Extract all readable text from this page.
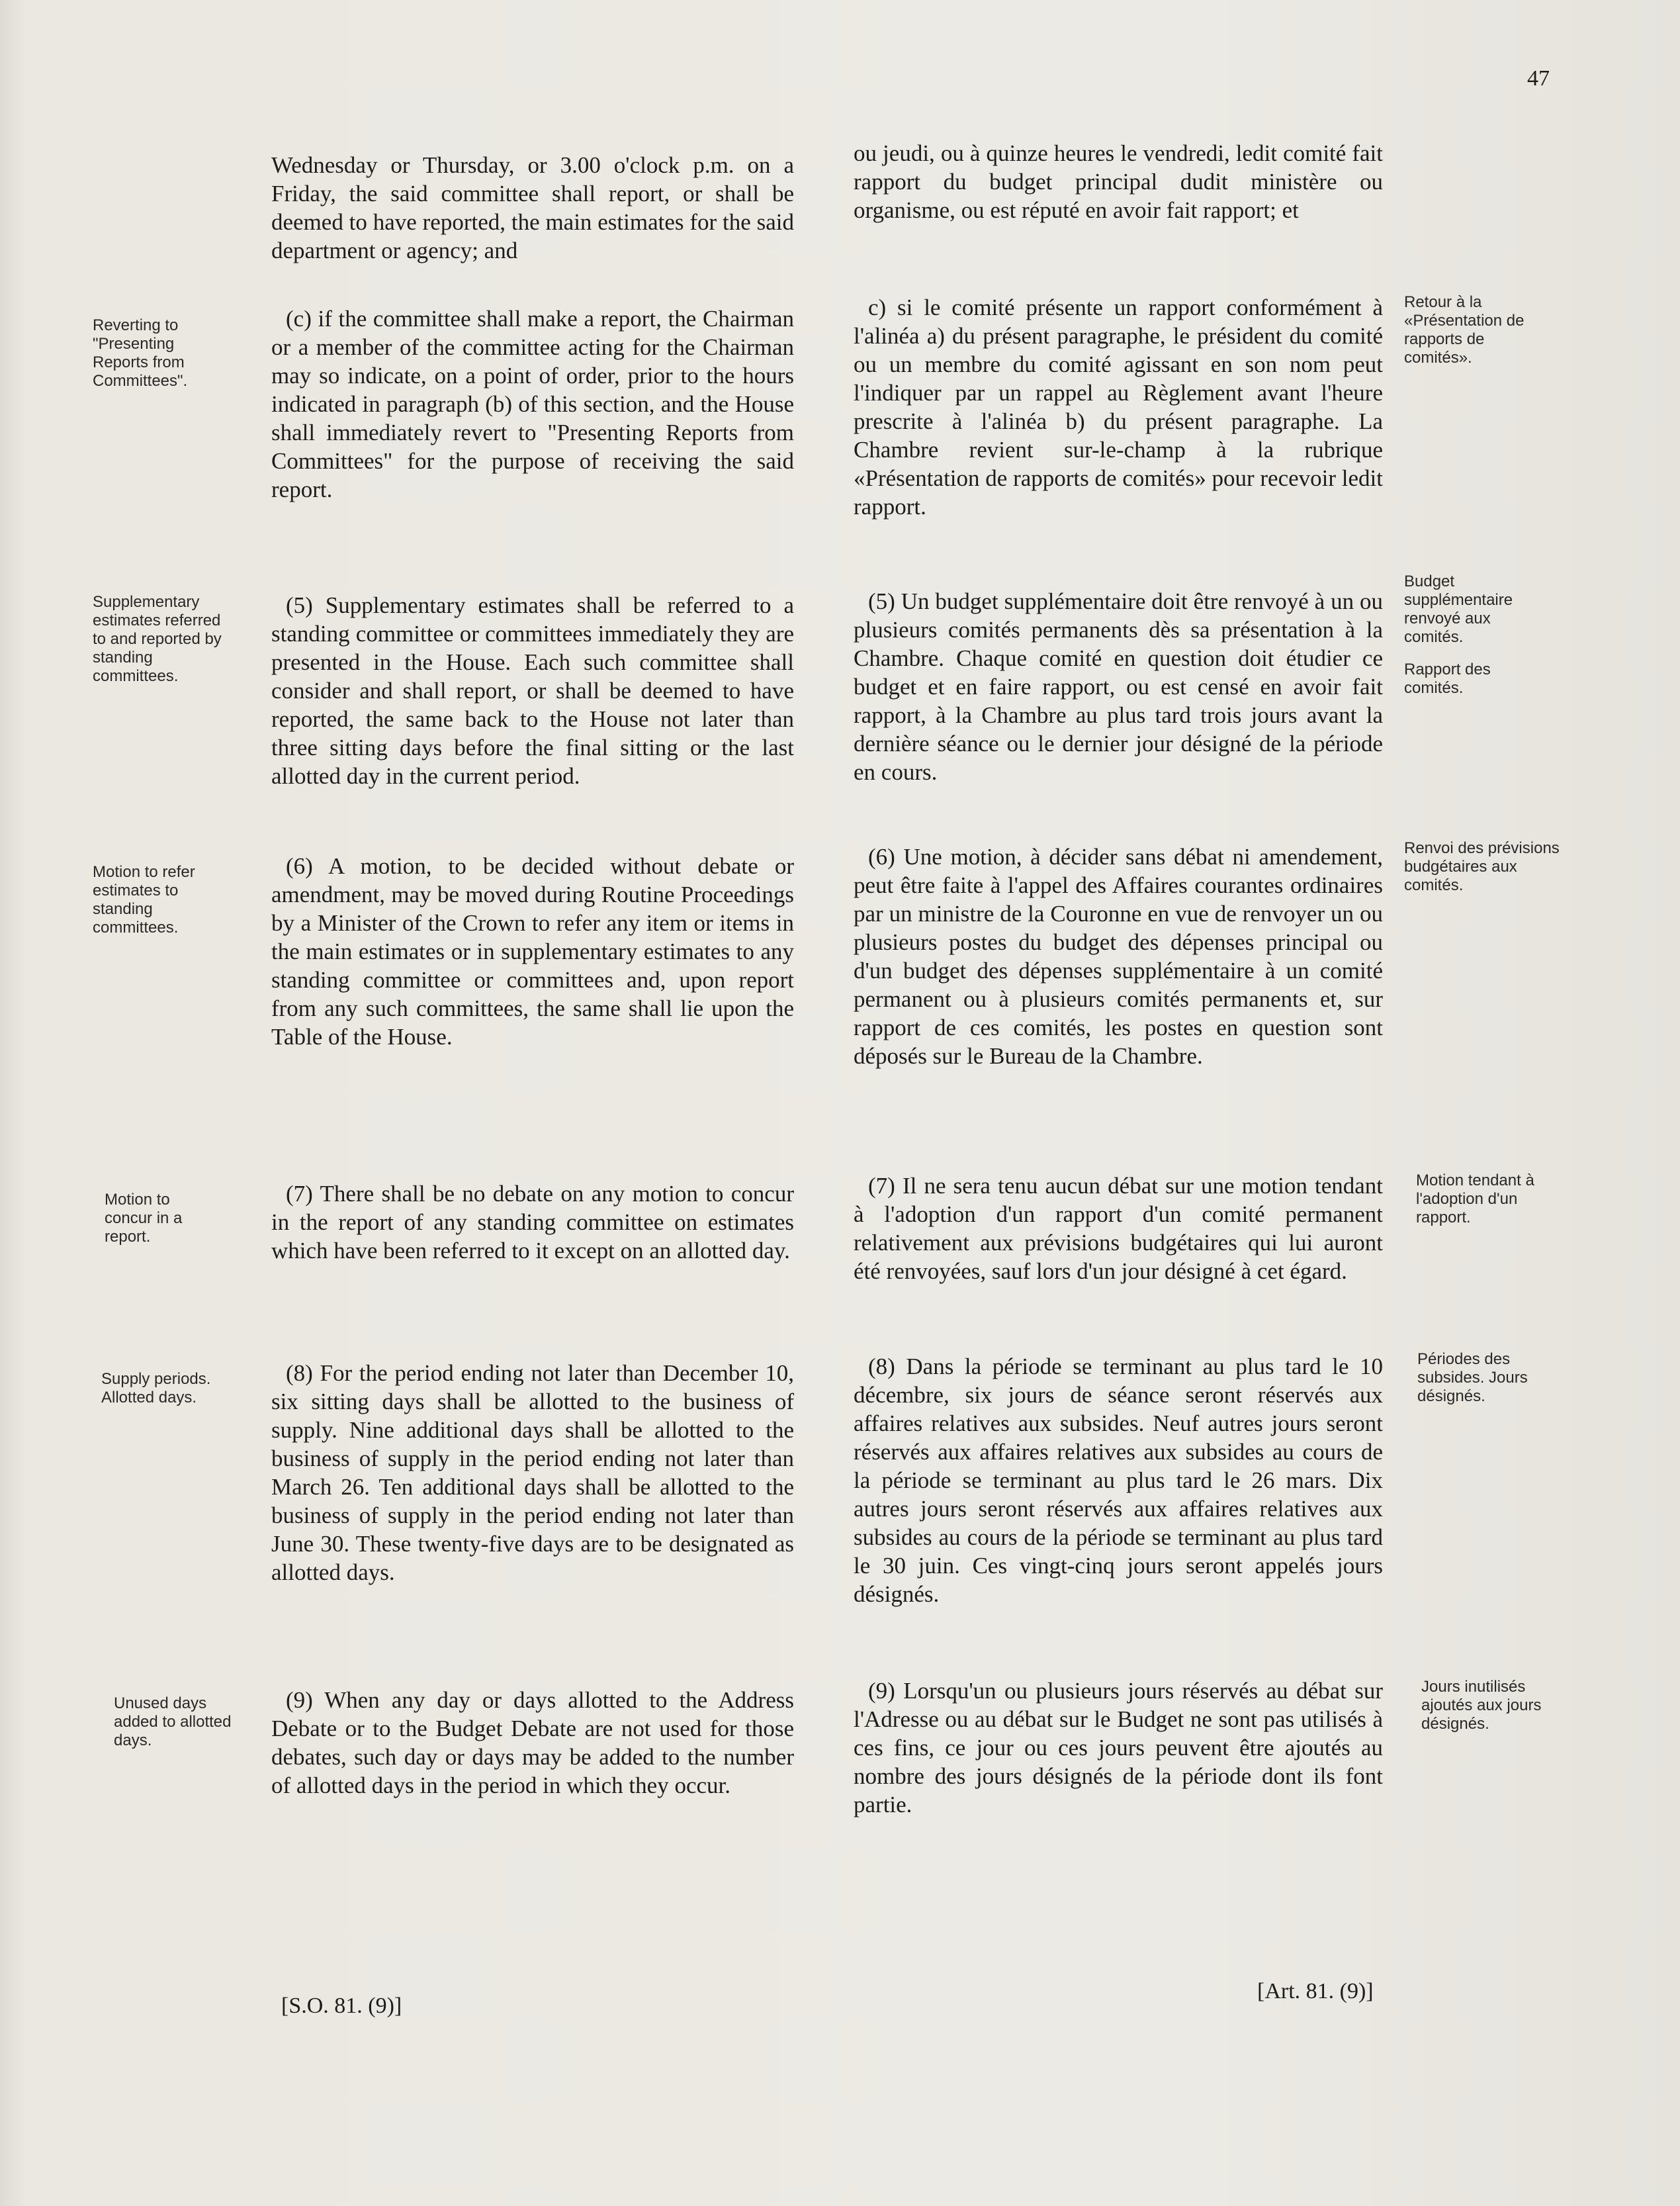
47

Wednesday or Thursday, or 3.00 o'clock p.m. on a Friday, the said committee shall report, or shall be deemed to have reported, the main estimates for the said department or agency; and

(c) if the committee shall make a report, the Chairman or a member of the committee acting for the Chairman may so indicate, on a point of order, prior to the hours indicated in paragraph (b) of this section, and the House shall immediately revert to "Presenting Reports from Committees" for the purpose of receiving the said report.

(5) Supplementary estimates shall be referred to a standing committee or committees immediately they are presented in the House. Each such committee shall consider and shall report, or shall be deemed to have reported, the same back to the House not later than three sitting days before the final sitting or the last allotted day in the current period.

(6) A motion, to be decided without debate or amendment, may be moved during Routine Proceedings by a Minister of the Crown to refer any item or items in the main estimates or in supplementary estimates to any standing committee or committees and, upon report from any such committees, the same shall lie upon the Table of the House.

(7) There shall be no debate on any motion to concur in the report of any standing committee on estimates which have been referred to it except on an allotted day.

(8) For the period ending not later than December 10, six sitting days shall be allotted to the business of supply. Nine additional days shall be allotted to the business of supply in the period ending not later than March 26. Ten additional days shall be allotted to the business of supply in the period ending not later than June 30. These twenty-five days are to be designated as allotted days.

(9) When any day or days allotted to the Address Debate or to the Budget Debate are not used for those debates, such day or days may be added to the number of allotted days in the period in which they occur.

[S.O. 81. (9)]

ou jeudi, ou à quinze heures le vendredi, ledit comité fait rapport du budget principal dudit ministère ou organisme, ou est réputé en avoir fait rapport; et

c) si le comité présente un rapport conformément à l'alinéa a) du présent paragraphe, le président du comité ou un membre du comité agissant en son nom peut l'indiquer par un rappel au Règlement avant l'heure prescrite à l'alinéa b) du présent paragraphe. La Chambre revient sur-le-champ à la rubrique «Présentation de rapports de comités» pour recevoir ledit rapport.

(5) Un budget supplémentaire doit être renvoyé à un ou plusieurs comités permanents dès sa présentation à la Chambre. Chaque comité en question doit étudier ce budget et en faire rapport, ou est censé en avoir fait rapport, à la Chambre au plus tard trois jours avant la dernière séance ou le dernier jour désigné de la période en cours.

(6) Une motion, à décider sans débat ni amendement, peut être faite à l'appel des Affaires courantes ordinaires par un ministre de la Couronne en vue de renvoyer un ou plusieurs postes du budget des dépenses principal ou d'un budget des dépenses supplémentaire à un comité permanent ou à plusieurs comités permanents et, sur rapport de ces comités, les postes en question sont déposés sur le Bureau de la Chambre.

(7) Il ne sera tenu aucun débat sur une motion tendant à l'adoption d'un rapport d'un comité permanent relativement aux prévisions budgétaires qui lui auront été renvoyées, sauf lors d'un jour désigné à cet égard.

(8) Dans la période se terminant au plus tard le 10 décembre, six jours de séance seront réservés aux affaires relatives aux subsides. Neuf autres jours seront réservés aux affaires relatives aux subsides au cours de la période se terminant au plus tard le 26 mars. Dix autres jours seront réservés aux affaires relatives aux subsides au cours de la période se terminant au plus tard le 30 juin. Ces vingt-cinq jours seront appelés jours désignés.

(9) Lorsqu'un ou plusieurs jours réservés au débat sur l'Adresse ou au débat sur le Budget ne sont pas utilisés à ces fins, ce jour ou ces jours peuvent être ajoutés au nombre des jours désignés de la période dont ils font partie.

[Art. 81. (9)]
Reverting to "Presenting Reports from Committees".
Supplementary estimates referred to and reported by standing committees.
Motion to refer estimates to standing committees.
Motion to concur in a report.
Supply periods. Allotted days.
Unused days added to allotted days.
Retour à la «Présentation de rapports de comités».
Budget supplémentaire renvoyé aux comités.
Rapport des comités.
Renvoi des prévisions budgétaires aux comités.
Motion tendant à l'adoption d'un rapport.
Périodes des subsides. Jours désignés.
Jours inutilisés ajoutés aux jours désignés.
